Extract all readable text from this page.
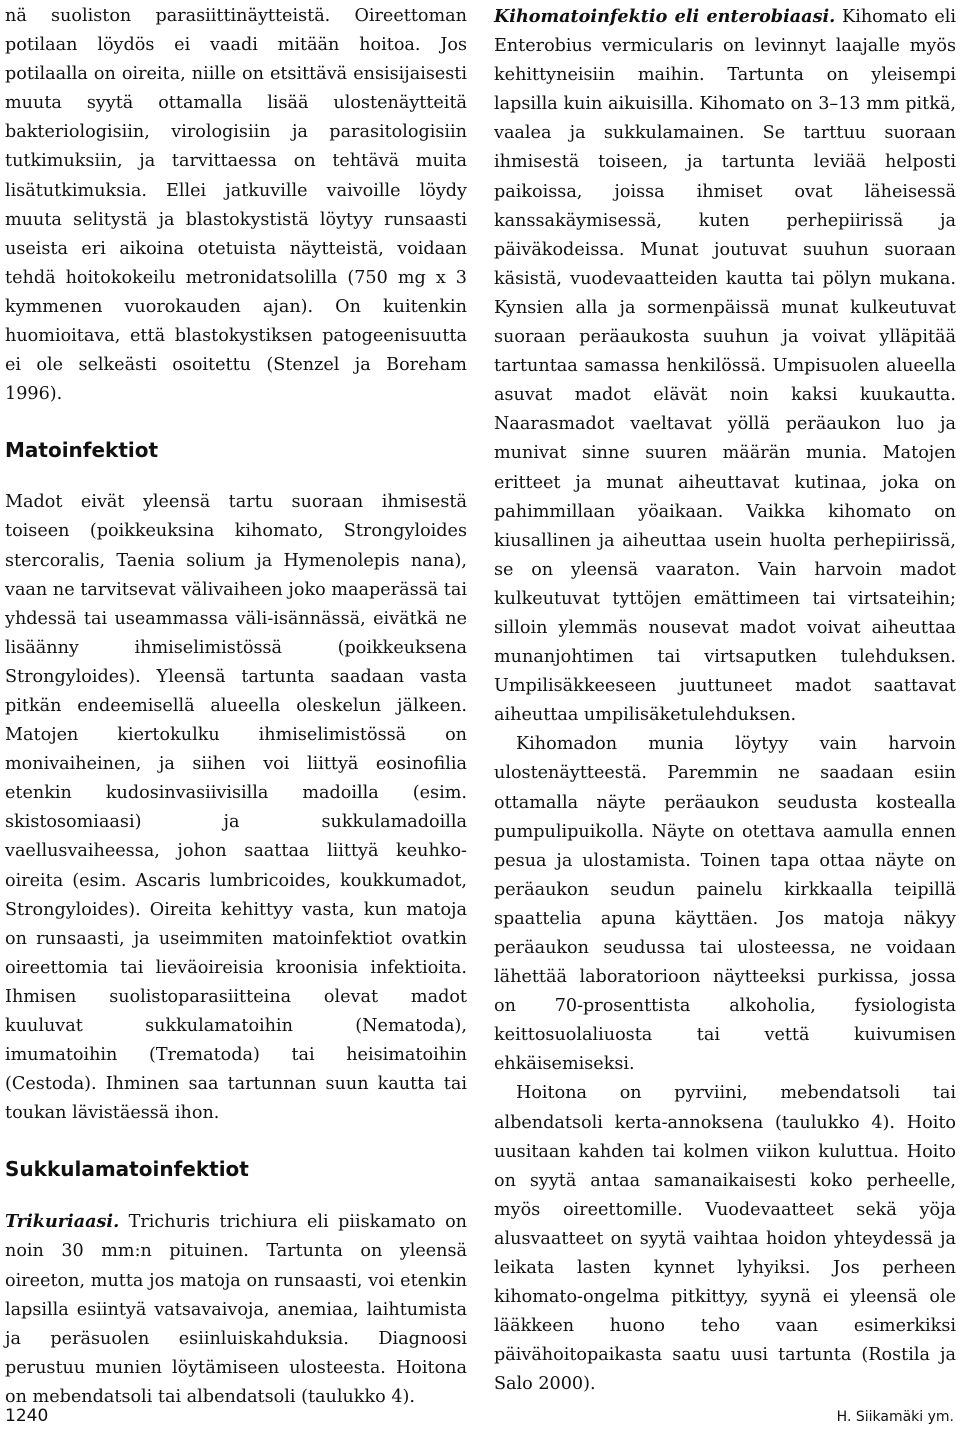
nä suoliston parasiittinäytteistä. Oireettoman potilaan löydös ei vaadi mitään hoitoa. Jos potilaalla on oireita, niille on etsittävä ensisijaisesti muuta syytä ottamalla lisää ulostenäytteitä bakteriologisiin, virologisiin ja parasitologisiin tutkimuksiin, ja tarvittaessa on tehtävä muita lisätutkimuksia. Ellei jatkuville vaivoille löydy muuta selitystä ja blastokystistä löytyy runsaasti useista eri aikoina otetuista näytteistä, voidaan tehdä hoitokokeilu metronidatsolilla (750 mg x 3 kymmenen vuorokauden ajan). On kuitenkin huomioitava, että blastokystiksen patogeenisuutta ei ole selkeästi osoitettu (Stenzel ja Boreham 1996).

Matoinfektiot

Madot eivät yleensä tartu suoraan ihmisestä toiseen (poikkeuksina kihomato, Strongyloides stercoralis, Taenia solium ja Hymenolepis nana), vaan ne tarvitsevat välivaiheen joko maaperässä tai yhdessä tai useammassa väli-isännässä, eivätkä ne lisäänny ihmiselimistössä (poikkeuksena Strongyloides). Yleensä tartunta saadaan vasta pitkän endeemisellä alueella oleskelun jälkeen. Matojen kiertokulku ihmiselimistössä on monivaiheinen, ja siihen voi liittyä eosinofilia etenkin kudosinvasiivisilla madoilla (esim. skistosomiaasi) ja sukkulamadoilla vaellusvaiheessa, johon saattaa liittyä keuhko-oireita (esim. Ascaris lumbricoides, koukkumadot, Strongyloides). Oireita kehittyy vasta, kun matoja on runsaasti, ja useimmiten matoinfektiot ovatkin oireettomia tai lieväoireisia kroonisia infektioita. Ihmisen suolistoparasiitteina olevat madot kuuluvat sukkulamatoihin (Nematoda), imumatoihin (Trematoda) tai heisimatoihin (Cestoda). Ihminen saa tartunnan suun kautta tai toukan lävistäessä ihon.

Sukkulamatoinfektiot

Trikuriaasi. Trichuris trichiura eli piiskamato on noin 30 mm:n pituinen. Tartunta on yleensä oireeton, mutta jos matoja on runsaasti, voi etenkin lapsilla esiintyä vatsavaivoja, anemiaa, laihtumista ja peräsuolen esiinluiskahduksia. Diagnoosi perustuu munien löytämiseen ulosteesta. Hoitona on mebendatsoli tai albendatsoli (taulukko 4).

Kihomatoinfektio eli enterobiaasi. Kihomato eli Enterobius vermicularis on levinnyt laajalle myös kehittyneisiin maihin. Tartunta on yleisempi lapsilla kuin aikuisilla. Kihomato on 3–13 mm pitkä, vaalea ja sukkulamainen. Se tarttuu suoraan ihmisestä toiseen, ja tartunta leviää helposti paikoissa, joissa ihmiset ovat läheisessä kanssakäymisessä, kuten perhepiirissä ja päiväkodeissa. Munat joutuvat suuhun suoraan käsistä, vuodevaatteiden kautta tai pölyn mukana. Kynsien alla ja sormenpäissä munat kulkeutuvat suoraan peräaukosta suuhun ja voivat ylläpitää tartuntaa samassa henkilössä. Umpisuolen alueella asuvat madot elävät noin kaksi kuukautta. Naarasmadot vaeltavat yöllä peräaukon luo ja munivat sinne suuren määrän munia. Matojen eritteet ja munat aiheuttavat kutinaa, joka on pahimmillaan yöaikaan. Vaikka kihomato on kiusallinen ja aiheuttaa usein huolta perhepiirissä, se on yleensä vaaraton. Vain harvoin madot kulkeutuvat tyttöjen emättimeen tai virtsateihin; silloin ylemmäs nousevat madot voivat aiheuttaa munanjohtimen tai virtsaputken tulehduksen. Umpilisäkkeeseen juuttuneet madot saattavat aiheuttaa umpilisäketulehduksen.

Kihomadon munia löytyy vain harvoin ulostenäytteestä. Paremmin ne saadaan esiin ottamalla näyte peräaukon seudusta kostealla pumpulipuikolla. Näyte on otettava aamulla ennen pesua ja ulostamista. Toinen tapa ottaa näyte on peräaukon seudun painelu kirkkaalla teipillä spaattelia apuna käyttäen. Jos matoja näkyy peräaukon seudussa tai ulosteessa, ne voidaan lähettää laboratorioon näytteeksi purkissa, jossa on 70-prosenttista alkoholia, fysiologista keittosuolaliuosta tai vettä kuivumisen ehkäisemiseksi.

Hoitona on pyrviini, mebendatsoli tai albendatsoli kerta-annoksena (taulukko 4). Hoito uusitaan kahden tai kolmen viikon kuluttua. Hoito on syytä antaa samanaikaisesti koko perheelle, myös oireettomille. Vuodevaatteet sekä yöja alusvaatteet on syytä vaihtaa hoidon yhteydessä ja leikata lasten kynnet lyhyiksi. Jos perheen kihomato-ongelma pitkittyy, syynä ei yleensä ole lääkkeen huono teho vaan esimerkiksi päivähoitopaikasta saatu uusi tartunta (Rostila ja Salo 2000).

1240	H. Siikamäki ym.
